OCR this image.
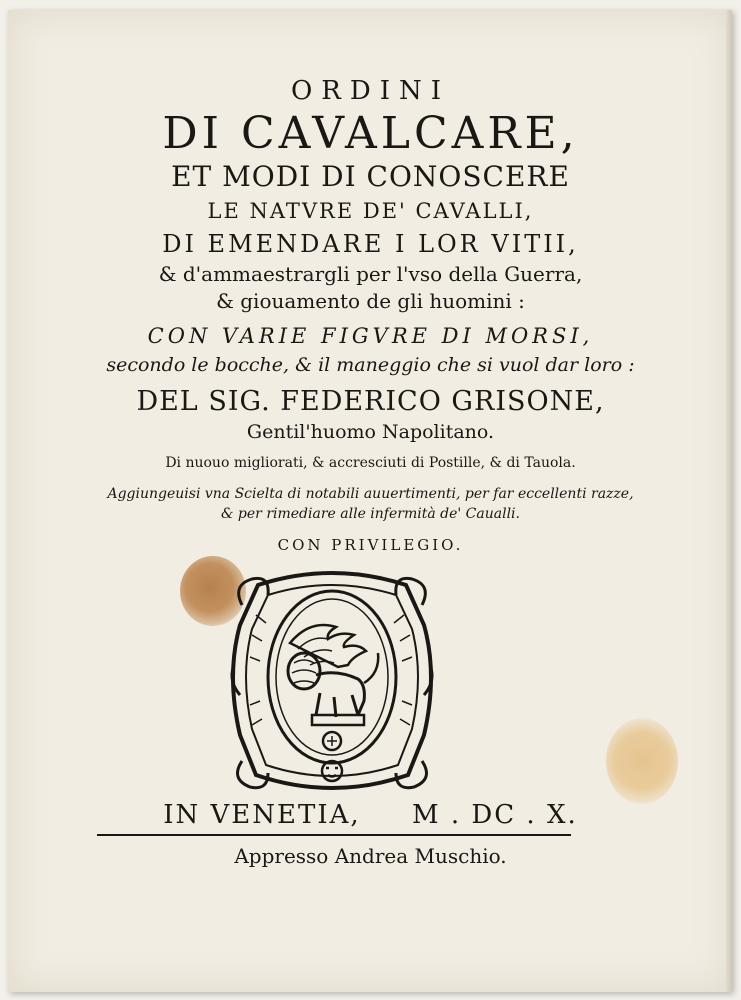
ORDINI
DI CAVALCARE,
ET MODI DI CONOSCERE
LE NATVRE DE' CAVALLI,
DI EMENDARE I LOR VITII,
& d'ammaestrargli per l'vso della Guerra,
& giouamento de gli huomini :
CON VARIE FIGVRE DI MORSI,
secondo le bocche, & il maneggio che si vuol dar loro :
DEL SIG. FEDERICO GRISONE,
Gentil'huomo Napolitano.
Di nuouo migliorati, & accresciuti di Postille, & di Tauola.
Aggiungeuisi vna Scielta di notabili auuertimenti, per far eccellenti razze,
& per rimediare alle infermità de' Caualli.
CON PRIVILEGIO.
IN VENETIA,     M . DC . X.
Appresso Andrea Muschio.
